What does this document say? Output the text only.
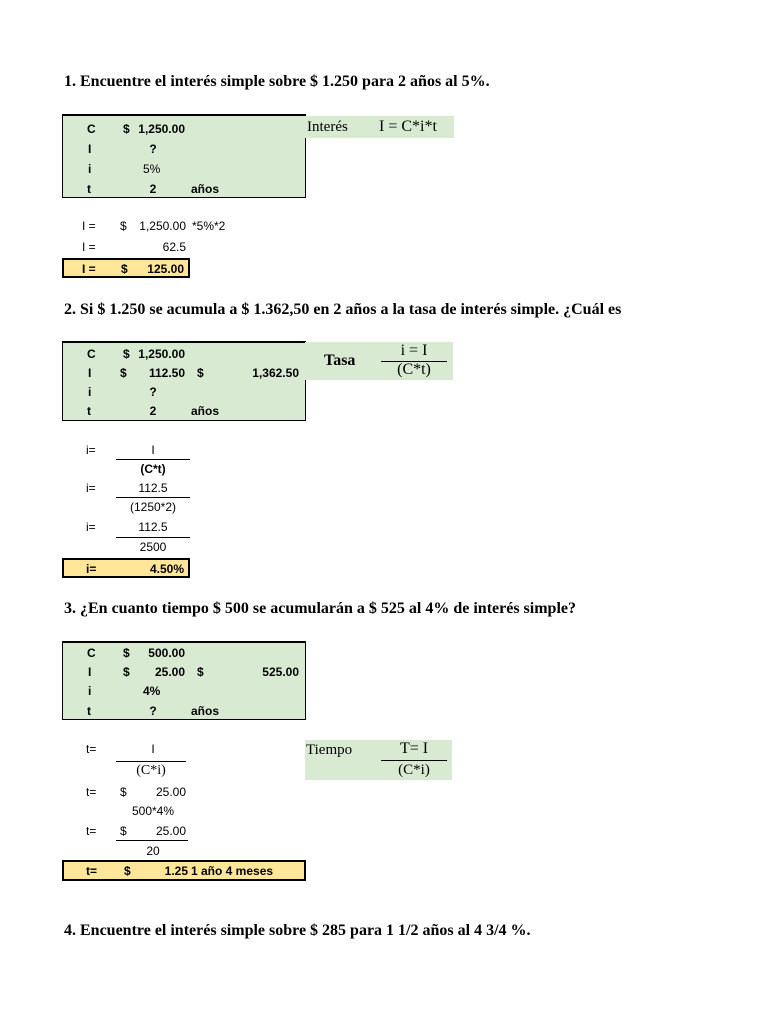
1. Encuentre el interés simple sobre $ 1.250 para 2 años al 5%.
C $ 1,250.00
I	?
i	5%
t	2	años
Interés I = C*i*t
I = $	1,250.00 *5%*2
I =	62.5
I = $	125.00
2. Si $ 1.250 se acumula a $ 1.362,50 en 2 años a la tasa de interés simple. ¿Cuál es
C $ 1,250.00
I $	112.50 $	1,362.50
i	?
t	2	años
Tasa
i = I
(C*t)
i=	I
(C*t)
i=	112.5
(1250*2)
i=	112.5
2500
i=	4.50%
3. ¿En cuanto tiempo $ 500 se acumularán a $ 525 al 4% de interés simple?
C $	500.00
I	$	25.00 $	525.00
i	4%
t	?	años
Tiempo	T= I
(C*i)
t=	I
(C*i)
t= $	25.00
500*4%
t= $	25.00
20
t= $	1.25 1 año 4 meses
4. Encuentre el interés simple sobre $ 285 para 1 1/2 años al 4 3/4 %.
